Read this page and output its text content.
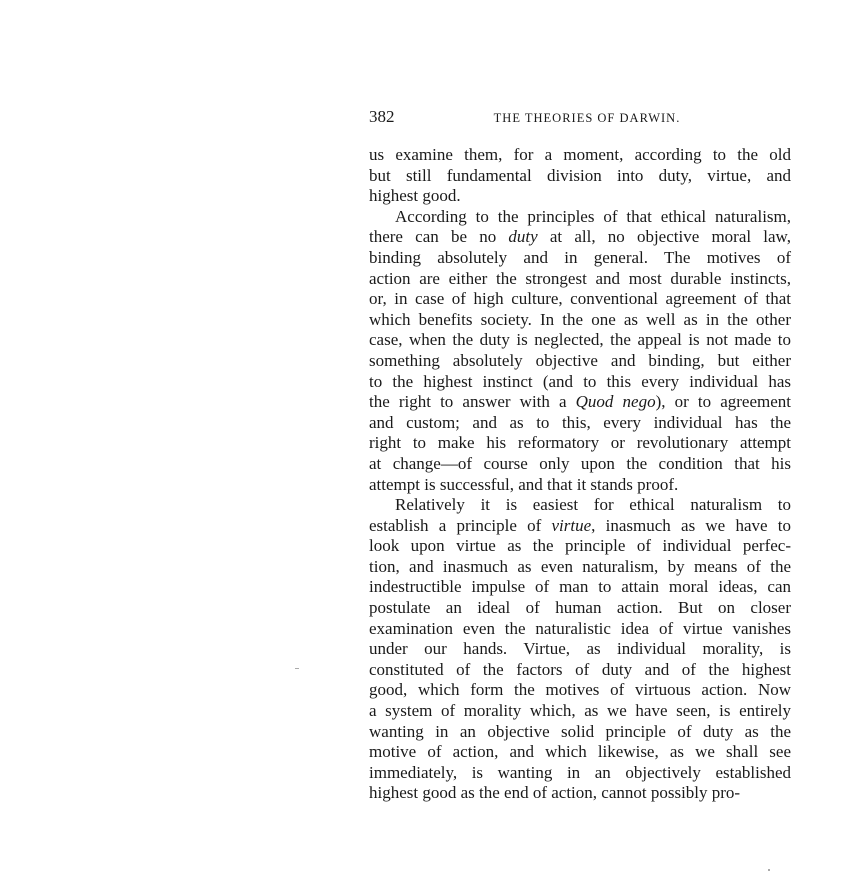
382	THE THEORIES OF DARWIN.

us examine them, for a moment, according to the old
but still fundamental division into duty, virtue, and
highest good.

According to the principles of that ethical naturalism,
there can be no duty at all, no objective moral law,
binding absolutely and in general. The motives of
action are either the strongest and most durable instincts,
or, in case of high culture, conventional agreement of that
which benefits society. In the one as well as in the other
case, when the duty is neglected, the appeal is not made to
something absolutely objective and binding, but either
to the highest instinct (and to this every individual has
the right to answer with a Quod nego), or to agreement
and custom; and as to this, every individual has the
right to make his reformatory or revolutionary attempt
at change—of course only upon the condition that his
attempt is successful, and that it stands proof.

Relatively it is easiest for ethical naturalism to
establish a principle of virtue, inasmuch as we have to
look upon virtue as the principle of individual perfec-
tion, and inasmuch as even naturalism, by means of the
indestructible impulse of man to attain moral ideas, can
postulate an ideal of human action. But on closer
examination even the naturalistic idea of virtue vanishes
under our hands. Virtue, as individual morality, is
constituted of the factors of duty and of the highest
good, which form the motives of virtuous action. Now
a system of morality which, as we have seen, is entirely
wanting in an objective solid principle of duty as the
motive of action, and which likewise, as we shall see
immediately, is wanting in an objectively established
highest good as the end of action, cannot possibly pro-
